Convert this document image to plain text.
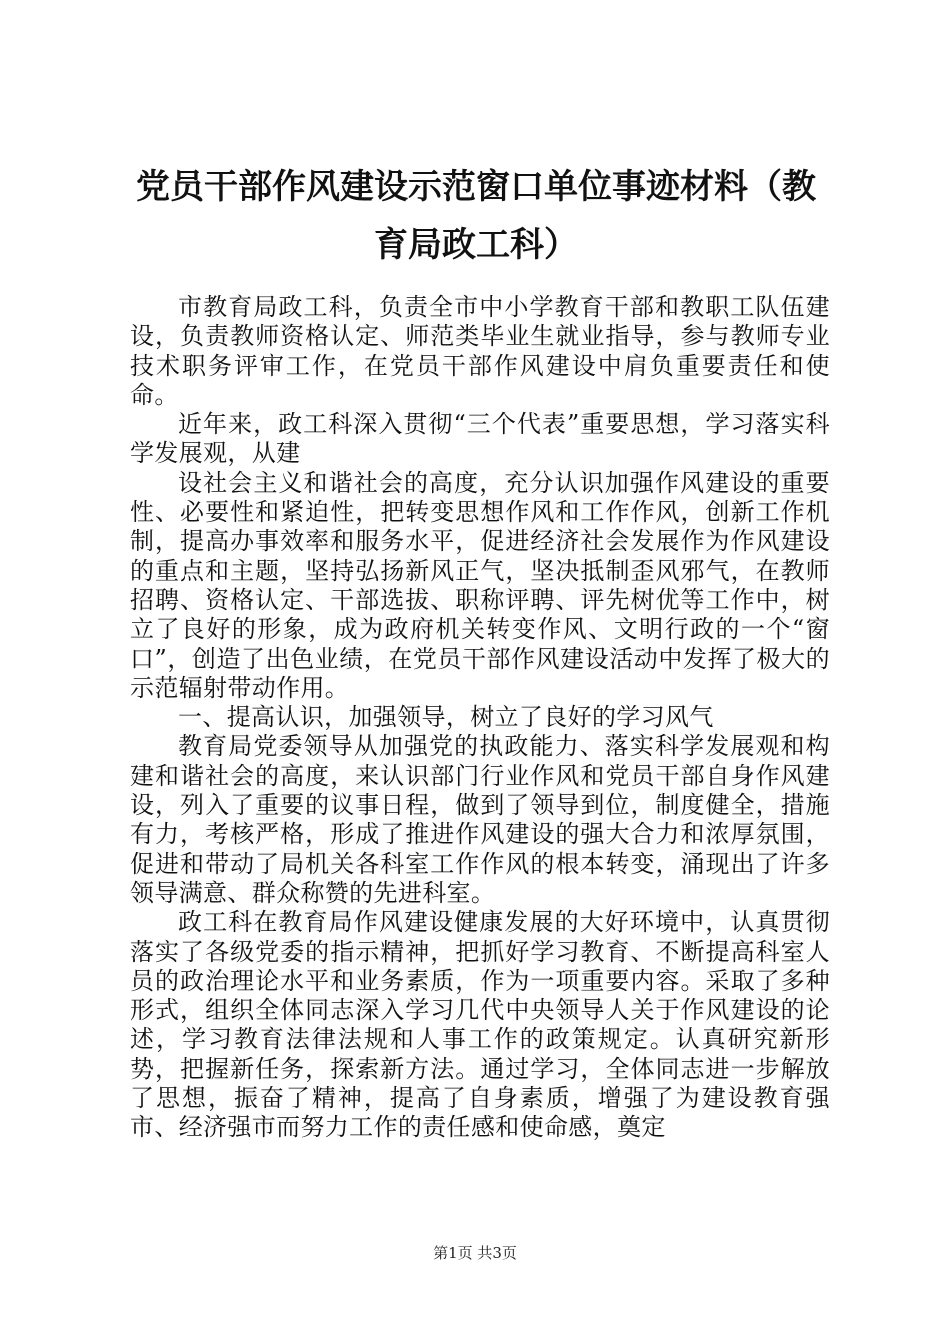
党员干部作风建设示范窗口单位事迹材料（教育局政工科）

市教育局政工科，负责全市中小学教育干部和教职工队伍建设，负责教师资格认定、师范类毕业生就业指导，参与教师专业技术职务评审工作，在党员干部作风建设中肩负重要责任和使命。

近年来，政工科深入贯彻“三个代表”重要思想，学习落实科学发展观，从建

设社会主义和谐社会的高度，充分认识加强作风建设的重要性、必要性和紧迫性，把转变思想作风和工作作风，创新工作机制，提高办事效率和服务水平，促进经济社会发展作为作风建设的重点和主题，坚持弘扬新风正气，坚决抵制歪风邪气，在教师招聘、资格认定、干部选拔、职称评聘、评先树优等工作中，树立了良好的形象，成为政府机关转变作风、文明行政的一个“窗口”，创造了出色业绩，在党员干部作风建设活动中发挥了极大的示范辐射带动作用。

一、提高认识，加强领导，树立了良好的学习风气

教育局党委领导从加强党的执政能力、落实科学发展观和构建和谐社会的高度，来认识部门行业作风和党员干部自身作风建设，列入了重要的议事日程，做到了领导到位，制度健全，措施有力，考核严格，形成了推进作风建设的强大合力和浓厚氛围，促进和带动了局机关各科室工作作风的根本转变，涌现出了许多领导满意、群众称赞的先进科室。

政工科在教育局作风建设健康发展的大好环境中，认真贯彻落实了各级党委的指示精神，把抓好学习教育、不断提高科室人员的政治理论水平和业务素质，作为一项重要内容。采取了多种形式，组织全体同志深入学习几代中央领导人关于作风建设的论述，学习教育法律法规和人事工作的政策规定。认真研究新形势，把握新任务，探索新方法。通过学习，全体同志进一步解放了思想，振奋了精神，提高了自身素质，增强了为建设教育强市、经济强市而努力工作的责任感和使命感，奠定

第1页 共3页
